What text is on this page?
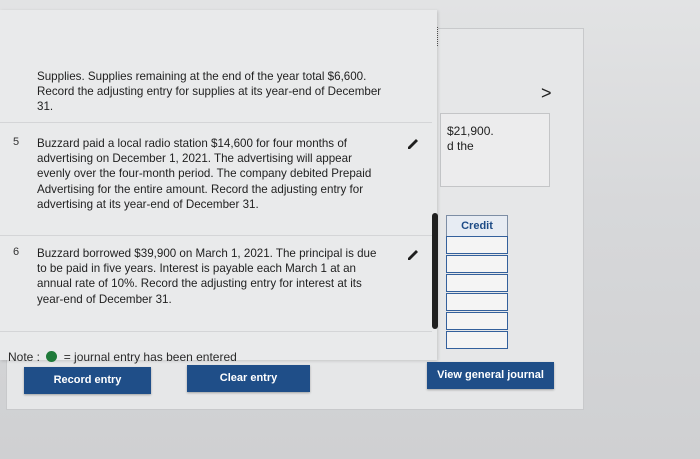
>
$21,900.
d the
Credit
Supplies. Supplies remaining at the end of the year total $6,600. Record the adjusting entry for supplies at its year-end of December 31.
5 Buzzard paid a local radio station $14,600 for four months of advertising on December 1, 2021. The advertising will appear evenly over the four-month period. The company debited Prepaid Advertising for the entire amount. Record the adjusting entry for advertising at its year-end of December 31.
6 Buzzard borrowed $39,900 on March 1, 2021. The principal is due to be paid in five years. Interest is payable each March 1 at an annual rate of 10%. Record the adjusting entry for interest at its year-end of December 31.
Note : = journal entry has been entered
Record entry	Clear entry	View general journal
